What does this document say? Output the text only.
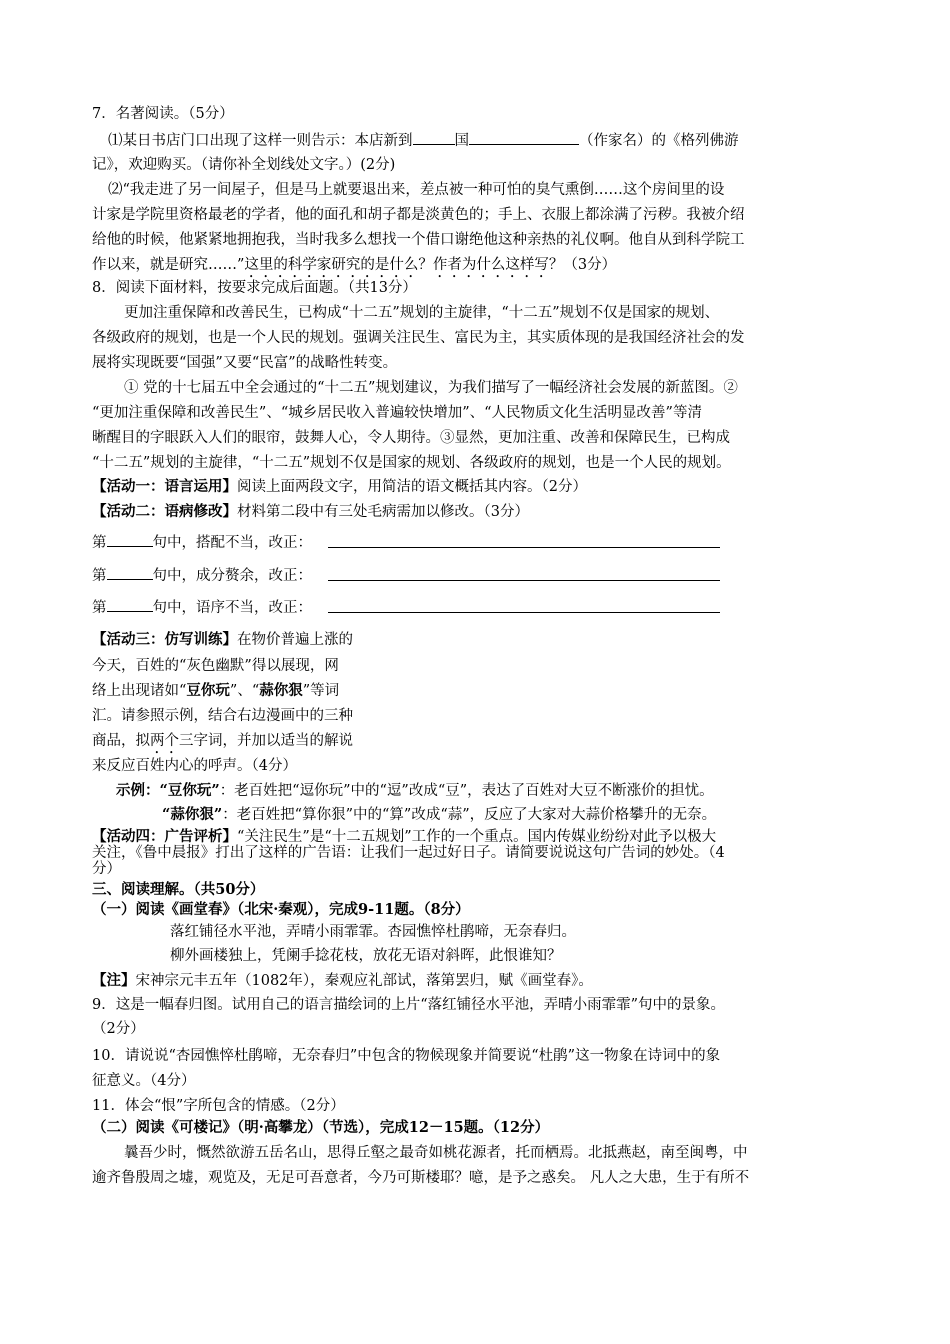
7．名著阅读。（5分）
⑴某日书店门口出现了这样一则告示：本店新到	国	（作家名）的《格列佛游
记》，欢迎购买。（请你补全划线处文字。）(2分)
⑵“我走进了另一间屋子，但是马上就要退出来，差点被一种可怕的臭气熏倒……这个房间里的设
计家是学院里资格最老的学者，他的面孔和胡子都是淡黄色的；手上、衣服上都涂满了污秽。我被介绍
给他的时候，他紧紧地拥抱我，当时我多么想找一个借口谢绝他这种亲热的礼仪啊。他自从到科学院工
作以来，就是研究……”这里的科学家研究的是什么？作者为什么这样写？（3分）
8．阅读下面材料，按要求完成后面题。（共13分）
更加注重保障和改善民生，已构成“十二五”规划的主旋律，“十二五”规划不仅是国家的规划、
各级政府的规划，也是一个人民的规划。强调关注民生、富民为主，其实质体现的是我国经济社会的发
展将实现既要“国强”又要“民富”的战略性转变。
① 党的十七届五中全会通过的“十二五”规划建议，为我们描写了一幅经济社会发展的新蓝图。②
“更加注重保障和改善民生”、“城乡居民收入普遍较快增加”、“人民物质文化生活明显改善”等清
晰醒目的字眼跃入人们的眼帘，鼓舞人心，令人期待。③显然，更加注重、改善和保障民生，已构成
“十二五”规划的主旋律，“十二五”规划不仅是国家的规划、各级政府的规划，也是一个人民的规划。
【活动一：语言运用】阅读上面两段文字，用简洁的语文概括其内容。（2分）
【活动二：语病修改】材料第二段中有三处毛病需加以修改。（3分）
第	句中，搭配不当，改正：
第	句中，成分赘余，改正：
第	句中，语序不当，改正：
【活动三：仿写训练】在物价普遍上涨的
今天，百姓的“灰色幽默”得以展现，网
络上出现诸如“豆你玩”、“蒜你狠”等词
汇。请参照示例，结合右边漫画中的三种
商品，拟两个三字词，并加以适当的解说
来反应百姓内心的呼声。（4分）
示例：“豆你玩”：老百姓把“逗你玩”中的“逗”改成“豆”，表达了百姓对大豆不断涨价的担忧。
“蒜你狠”：老百姓把“算你狠”中的“算”改成“蒜”，反应了大家对大蒜价格攀升的无奈。
【活动四：广告评析】“关注民生”是“十二五规划”工作的一个重点。国内传媒业纷纷对此予以极大
关注，《鲁中晨报》打出了这样的广告语：让我们一起过好日子。请简要说说这句广告词的妙处。（4
分）
三、阅读理解。（共50分）
（一）阅读《画堂春》（北宋·秦观），完成9-11题。（8分）
落红铺径水平池，弄晴小雨霏霏。杏园憔悴杜鹃啼，无奈春归。
柳外画楼独上，凭阑手捻花枝，放花无语对斜晖，此恨谁知？
【注】宋神宗元丰五年（1082年），秦观应礼部试，落第罢归，赋《画堂春》。
9．这是一幅春归图。试用自己的语言描绘词的上片“落红铺径水平池，弄晴小雨霏霏”句中的景象。
（2分）
10．请说说“杏园憔悴杜鹃啼，无奈春归”中包含的物候现象并简要说“杜鹃”这一物象在诗词中的象
征意义。（4分）
11．体会“恨”字所包含的情感。（2分）
（二）阅读《可楼记》（明·高攀龙）（节选），完成12－15题。（12分）
曩吾少时，慨然欲游五岳名山，思得丘壑之最奇如桃花源者，托而栖焉。北抵燕赵，南至闽粤，中
逾齐鲁殷周之墟，观览及，无足可吾意者，今乃可斯楼耶？噫，是予之惑矣。 凡人之大患，生于有所不
